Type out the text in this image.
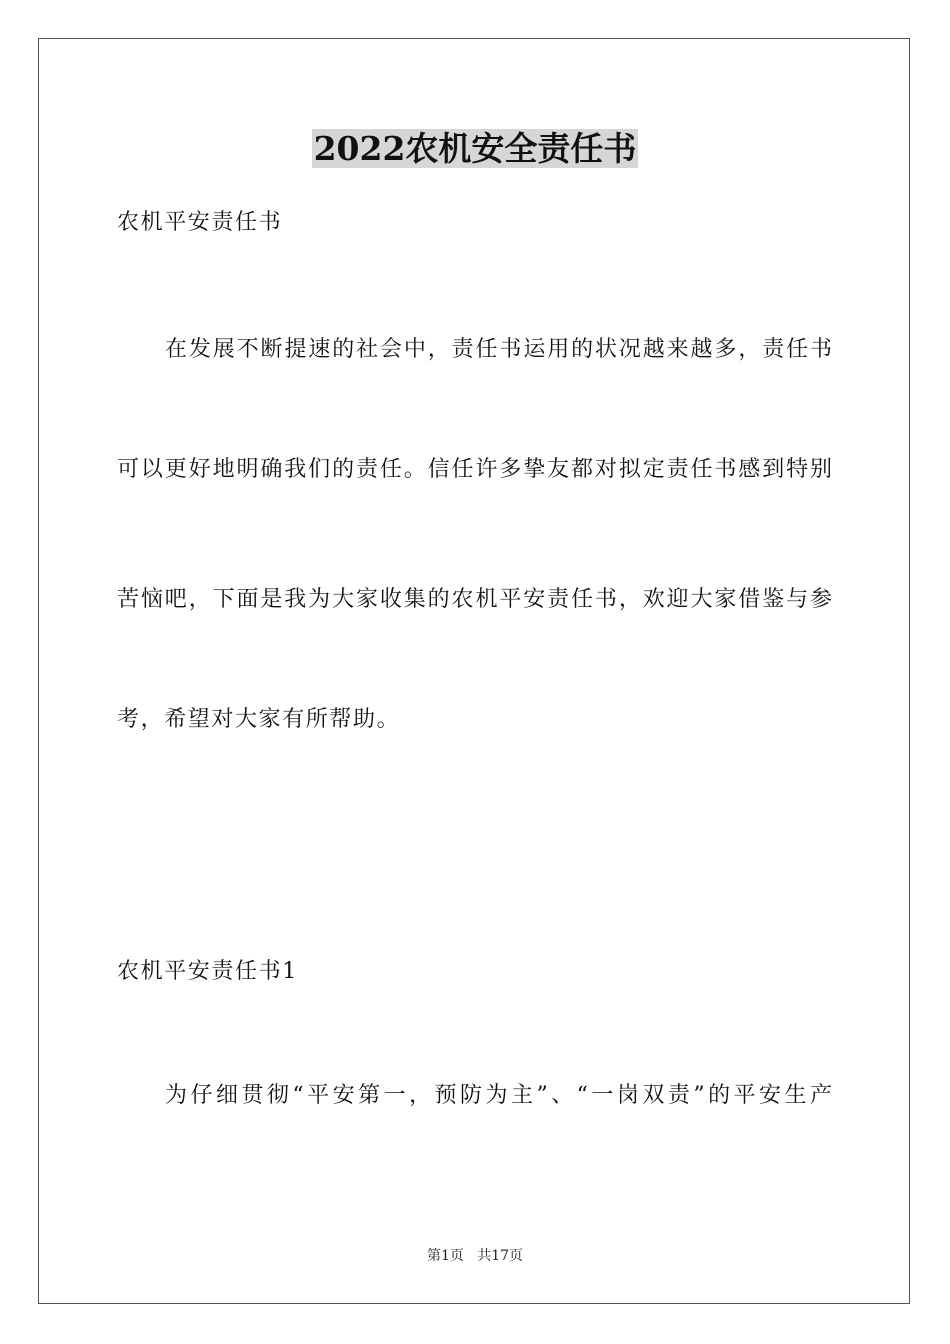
2022农机安全责任书
农机平安责任书
在发展不断提速的社会中，责任书运用的状况越来越多，责任书
可以更好地明确我们的责任。信任许多挚友都对拟定责任书感到特别
苦恼吧，下面是我为大家收集的农机平安责任书，欢迎大家借鉴与参
考，希望对大家有所帮助。
农机平安责任书1
为仔细贯彻“平安第一，预防为主”、“一岗双责”的平安生产
第1页   共17页
